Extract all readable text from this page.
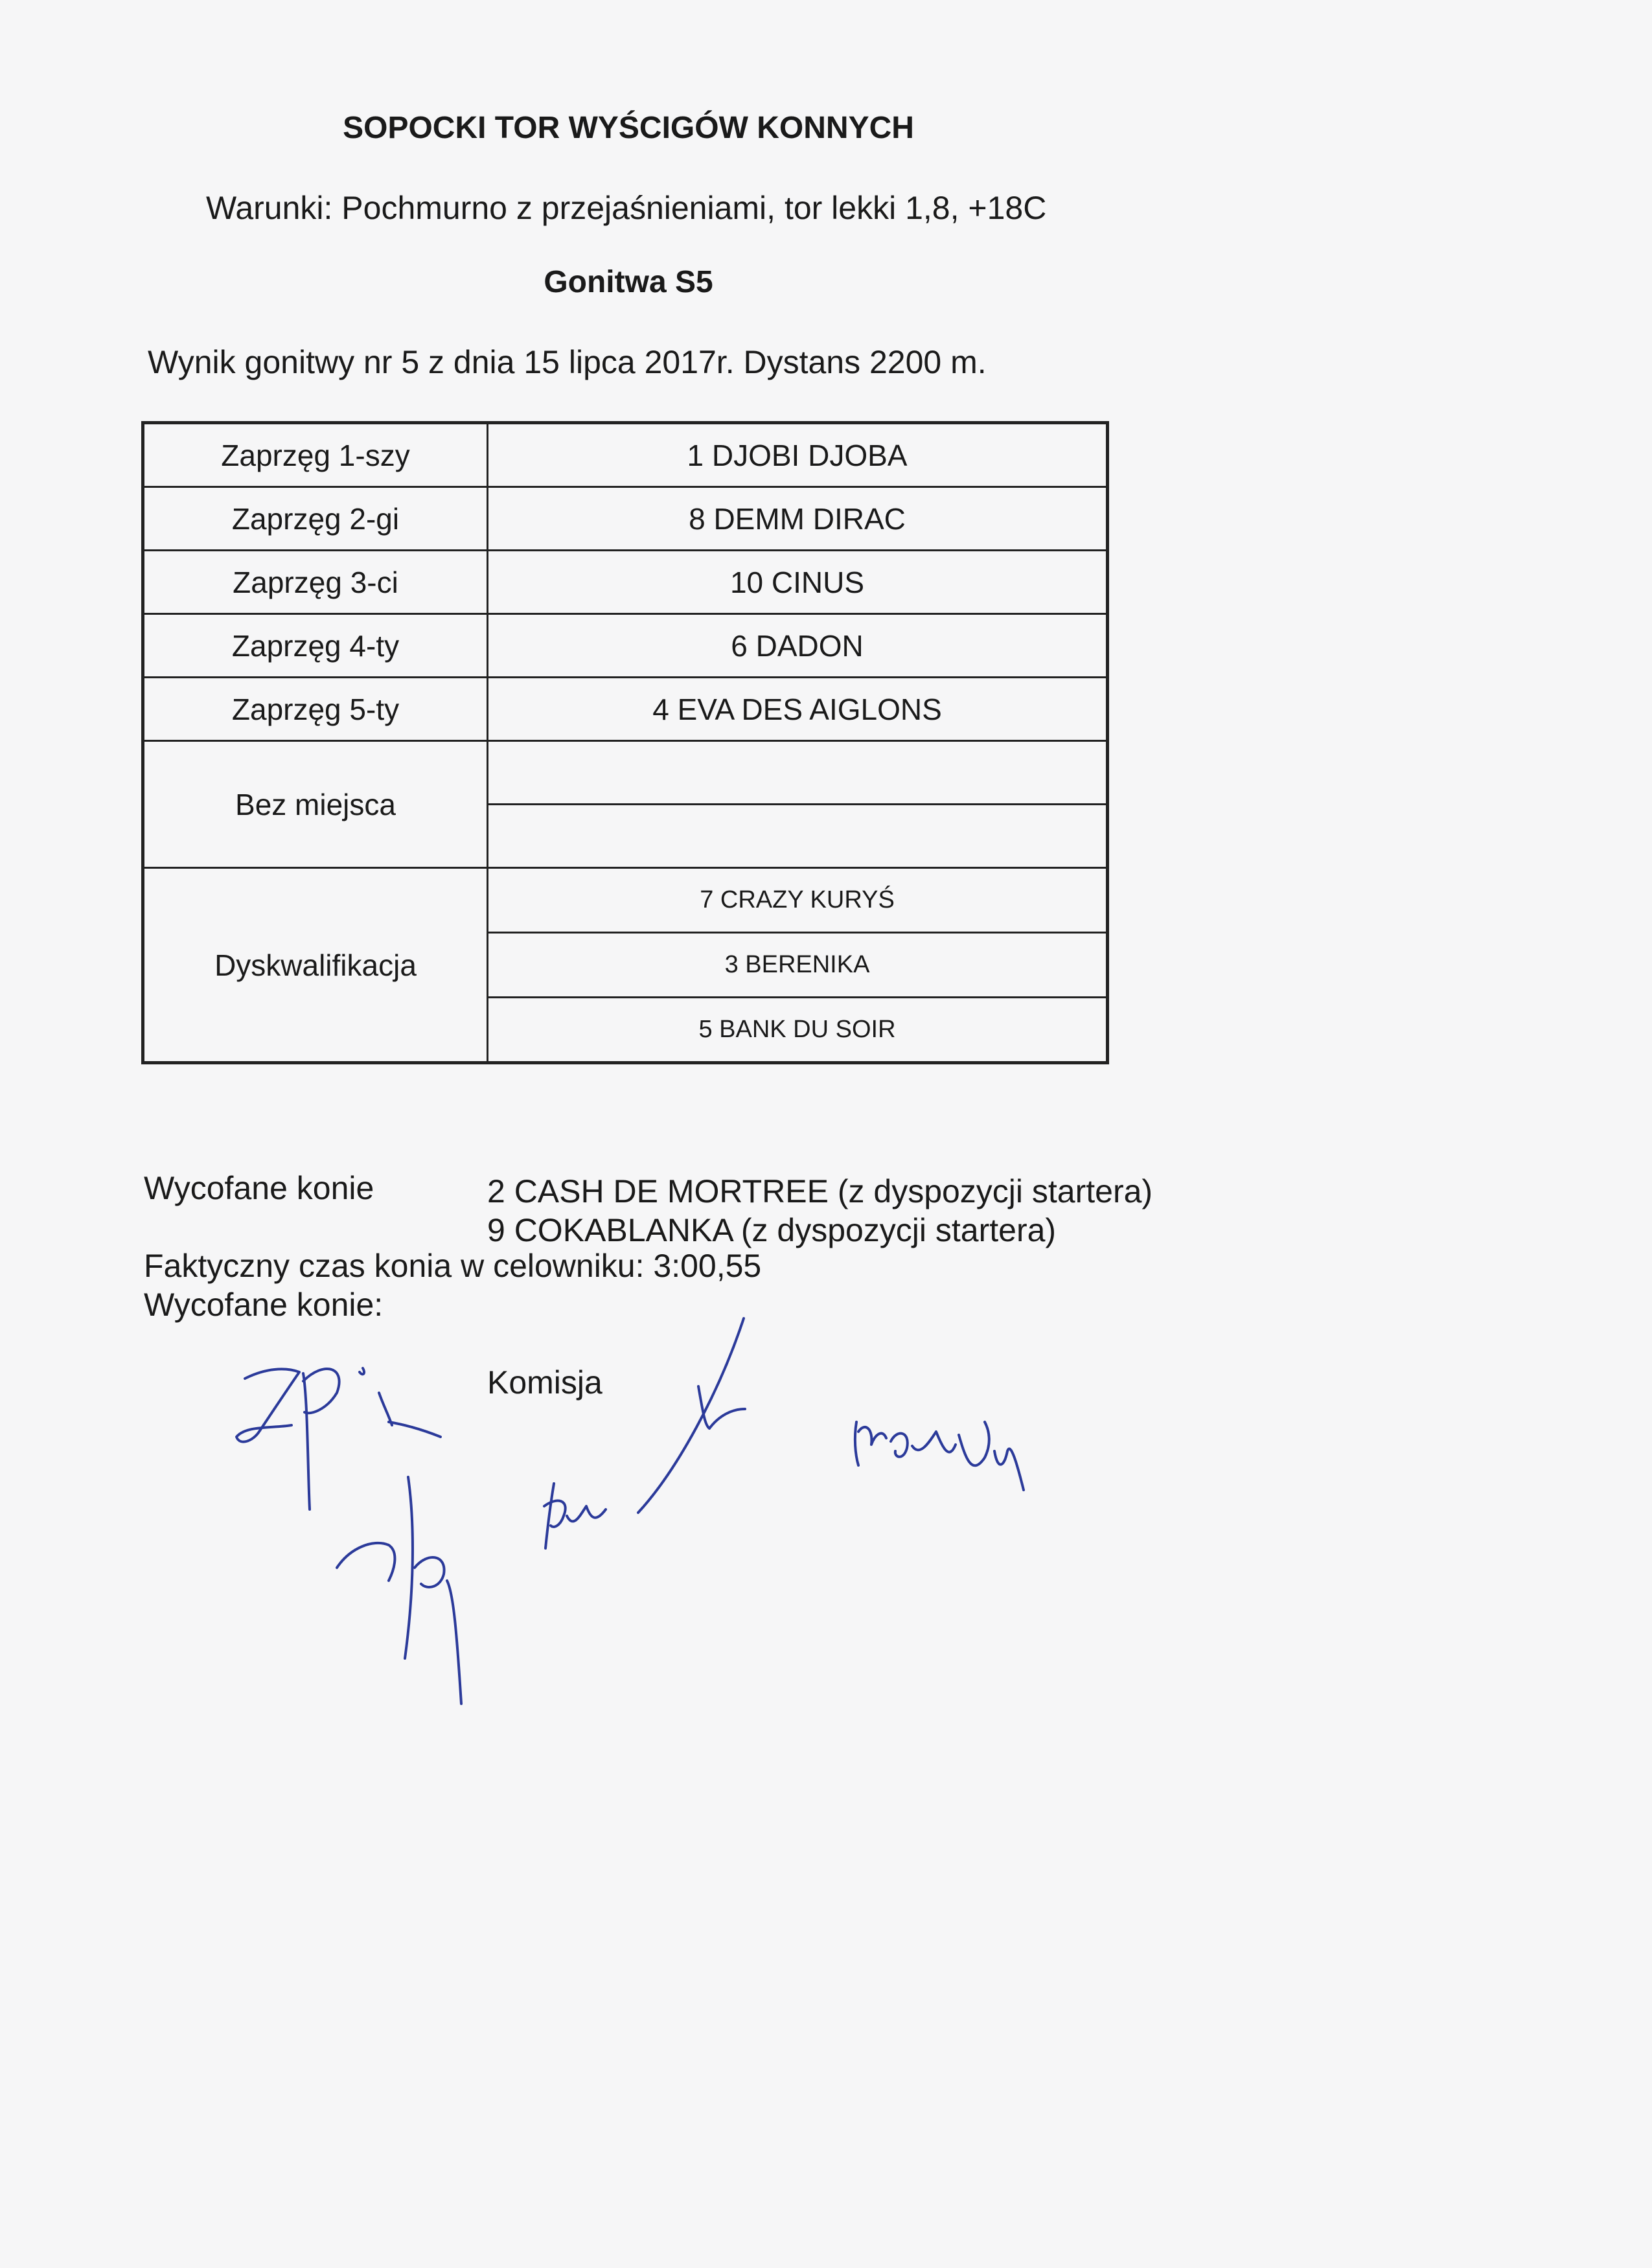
SOPOCKI TOR WYŚCIGÓW KONNYCH
Warunki: Pochmurno z przejaśnieniami, tor lekki 1,8, +18C
Gonitwa S5
Wynik gonitwy nr 5 z dnia 15 lipca 2017r. Dystans 2200 m.
Zaprzęg 1-szy	1 DJOBI DJOBA
Zaprzęg 2-gi	8 DEMM DIRAC
Zaprzęg 3-ci	10 CINUS
Zaprzęg 4-ty	6 DADON
Zaprzęg 5-ty	4 EVA DES AIGLONS
Bez miejsca	

Dyskwalifikacja	7 CRAZY KURYŚ
	3 BERENIKA
	5 BANK DU SOIR
Wycofane konie	2 CASH DE MORTREE (z dyspozycji startera)
9 COKABLANKA (z dyspozycji startera)
Faktyczny czas konia w celowniku: 3:00,55
Wycofane konie:
Komisja
